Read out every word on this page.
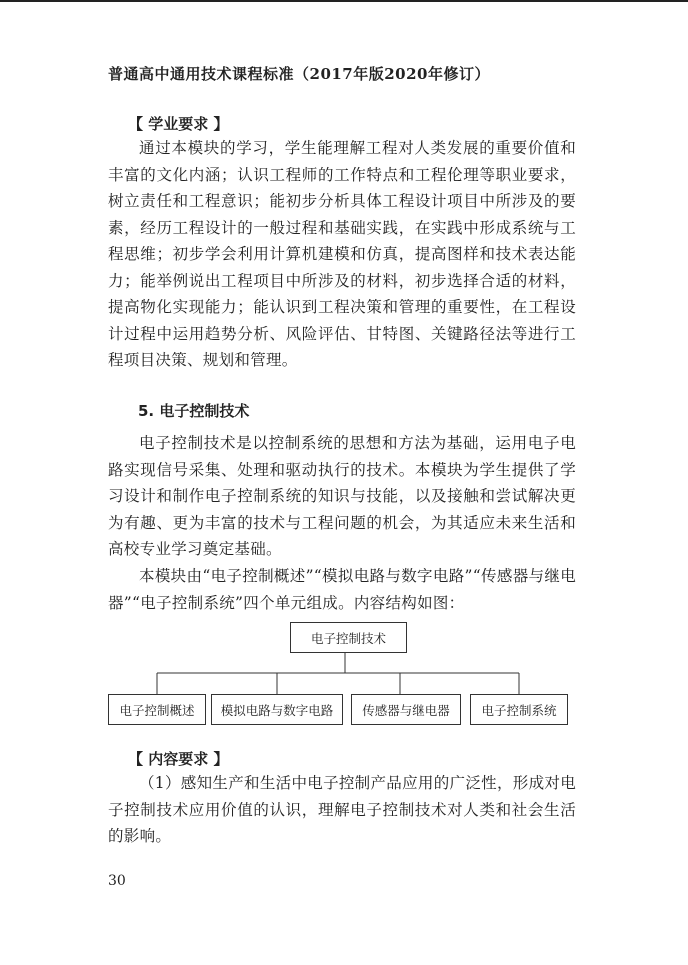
普通高中通用技术课程标准（2017年版2020年修订）
【 学业要求 】
通过本模块的学习，学生能理解工程对人类发展的重要价值和丰富的文化内涵；认识工程师的工作特点和工程伦理等职业要求，树立责任和工程意识；能初步分析具体工程设计项目中所涉及的要素，经历工程设计的一般过程和基础实践，在实践中形成系统与工程思维；初步学会利用计算机建模和仿真，提高图样和技术表达能力；能举例说出工程项目中所涉及的材料，初步选择合适的材料，提高物化实现能力；能认识到工程决策和管理的重要性，在工程设计过程中运用趋势分析、风险评估、甘特图、关键路径法等进行工程项目决策、规划和管理。
5. 电子控制技术
电子控制技术是以控制系统的思想和方法为基础，运用电子电路实现信号采集、处理和驱动执行的技术。本模块为学生提供了学习设计和制作电子控制系统的知识与技能，以及接触和尝试解决更为有趣、更为丰富的技术与工程问题的机会，为其适应未来生活和高校专业学习奠定基础。
本模块由“电子控制概述”“模拟电路与数字电路”“传感器与继电器”“电子控制系统”四个单元组成。内容结构如图：
电子控制技术
电子控制概述	模拟电路与数字电路	传感器与继电器	电子控制系统
【 内容要求 】
（1）感知生产和生活中电子控制产品应用的广泛性，形成对电子控制技术应用价值的认识，理解电子控制技术对人类和社会生活的影响。
30
